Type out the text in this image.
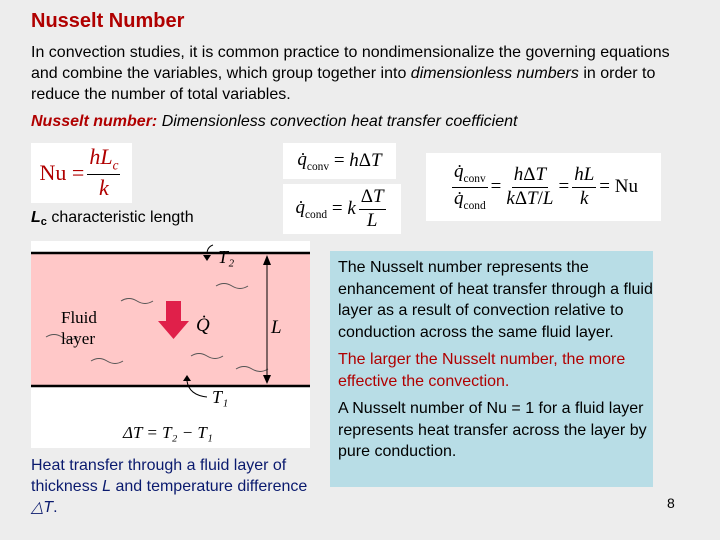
Nusselt Number
In convection studies, it is common practice to nondimensionalize the governing equations and combine the variables, which group together into dimensionless numbers in order to reduce the number of total variables.
Nusselt number: Dimensionless convection heat transfer coefficient
Nu
= $\frac{hL_c}{k}$	$q̇_{conv} = h$ Δ T
$q̇_{cond} = k \frac{\Delta T}{L}$	$\frac{q̇_{conv}}{q̇_{cond}} = \frac{\text{hΔT}}{\text{kΔT/L}} = \frac{hL}{k} = Nu$
$L_c$ characteristic length
T₂
T₁
Fluid
layer
Q̇	L
ΔT = T₂ − T₁
Heat transfer through a fluid layer of thickness L and temperature difference △T.

The Nusselt number represents the enhancement of heat transfer through a fluid layer as a result of convection relative to conduction across the same fluid layer.

The larger the Nusselt number, the more effective the convection.

A Nusselt number of Nu = 1 for a fluid layer represents heat transfer across the layer by pure conduction.

8
